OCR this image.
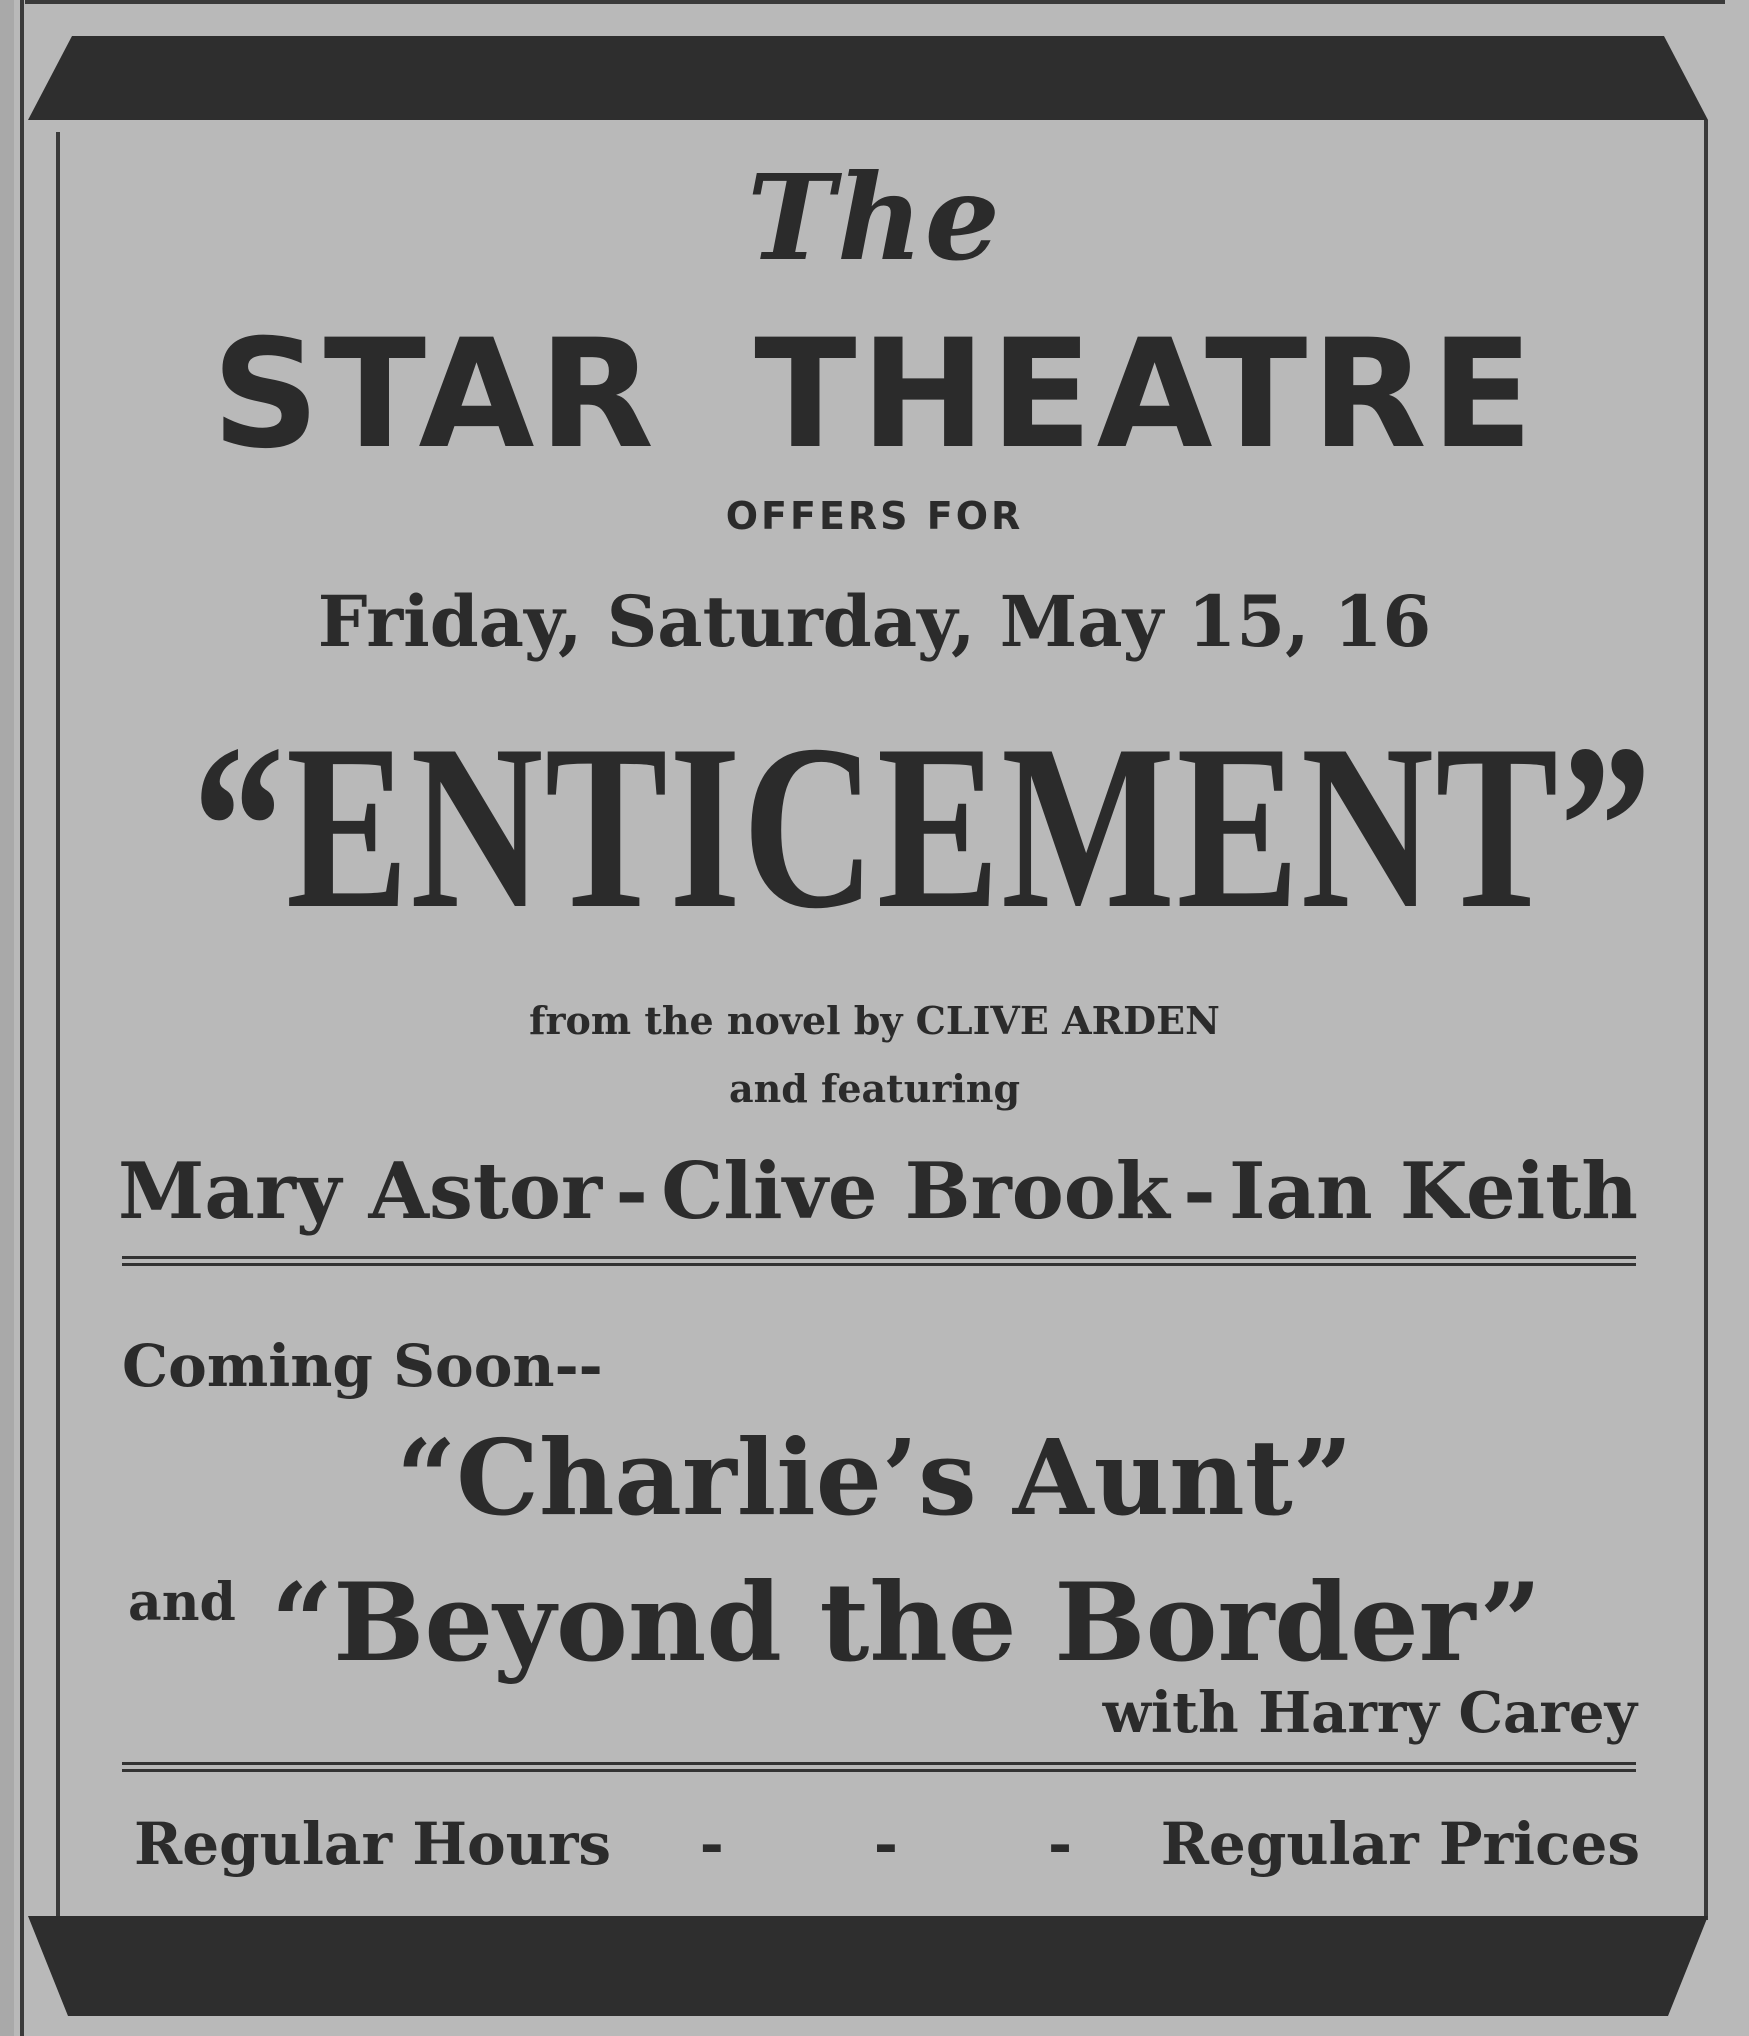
The
STAR THEATRE
OFFERS FOR
Friday, Saturday, May 15, 16
“ENTICEMENT”
from the novel by CLIVE ARDEN
and featuring
Mary Astor - Clive Brook - Ian Keith
Coming Soon--
“Charlie’s Aunt”
and “Beyond the Border”
with Harry Carey
Regular Hours -	-	- Regular Prices
